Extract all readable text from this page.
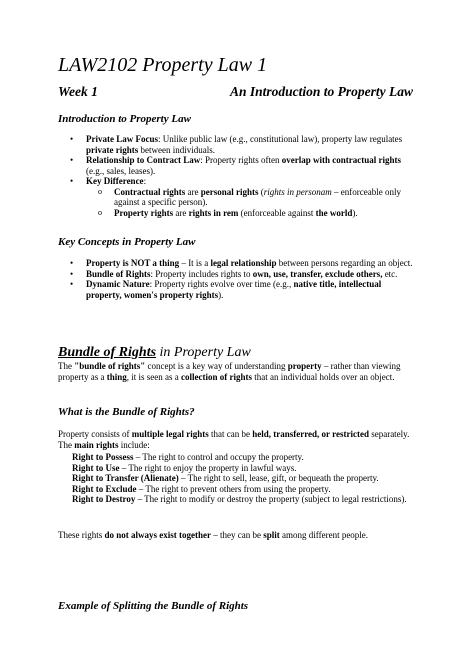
LAW2102 Property Law 1
Week 1	An Introduction to Property Law
Introduction to Property Law
• Private Law Focus: Unlike public law (e.g., constitutional law), property law regulates private rights between individuals.
• Relationship to Contract Law: Property rights often overlap with contractual rights (e.g., sales, leases).
• Key Difference:
o Contractual rights are personal rights (rights in personam – enforceable only against a specific person).
o Property rights are rights in rem (enforceable against the world).
Key Concepts in Property Law
• Property is NOT a thing – It is a legal relationship between persons regarding an object.
• Bundle of Rights: Property includes rights to own, use, transfer, exclude others, etc.
• Dynamic Nature: Property rights evolve over time (e.g., native title, intellectual property, women's property rights).
Bundle of Rights in Property Law

The "bundle of rights" concept is a key way of understanding property – rather than viewing property as a thing, it is seen as a collection of rights that an individual holds over an object.

What is the Bundle of Rights?

Property consists of multiple legal rights that can be held, transferred, or restricted separately. The main rights include:

Right to Possess – The right to control and occupy the property.
Right to Use – The right to enjoy the property in lawful ways.
Right to Transfer (Alienate) – The right to sell, lease, gift, or bequeath the property.
Right to Exclude – The right to prevent others from using the property.
Right to Destroy – The right to modify or destroy the property (subject to legal restrictions).

These rights do not always exist together – they can be split among different people.

Example of Splitting the Bundle of Rights
